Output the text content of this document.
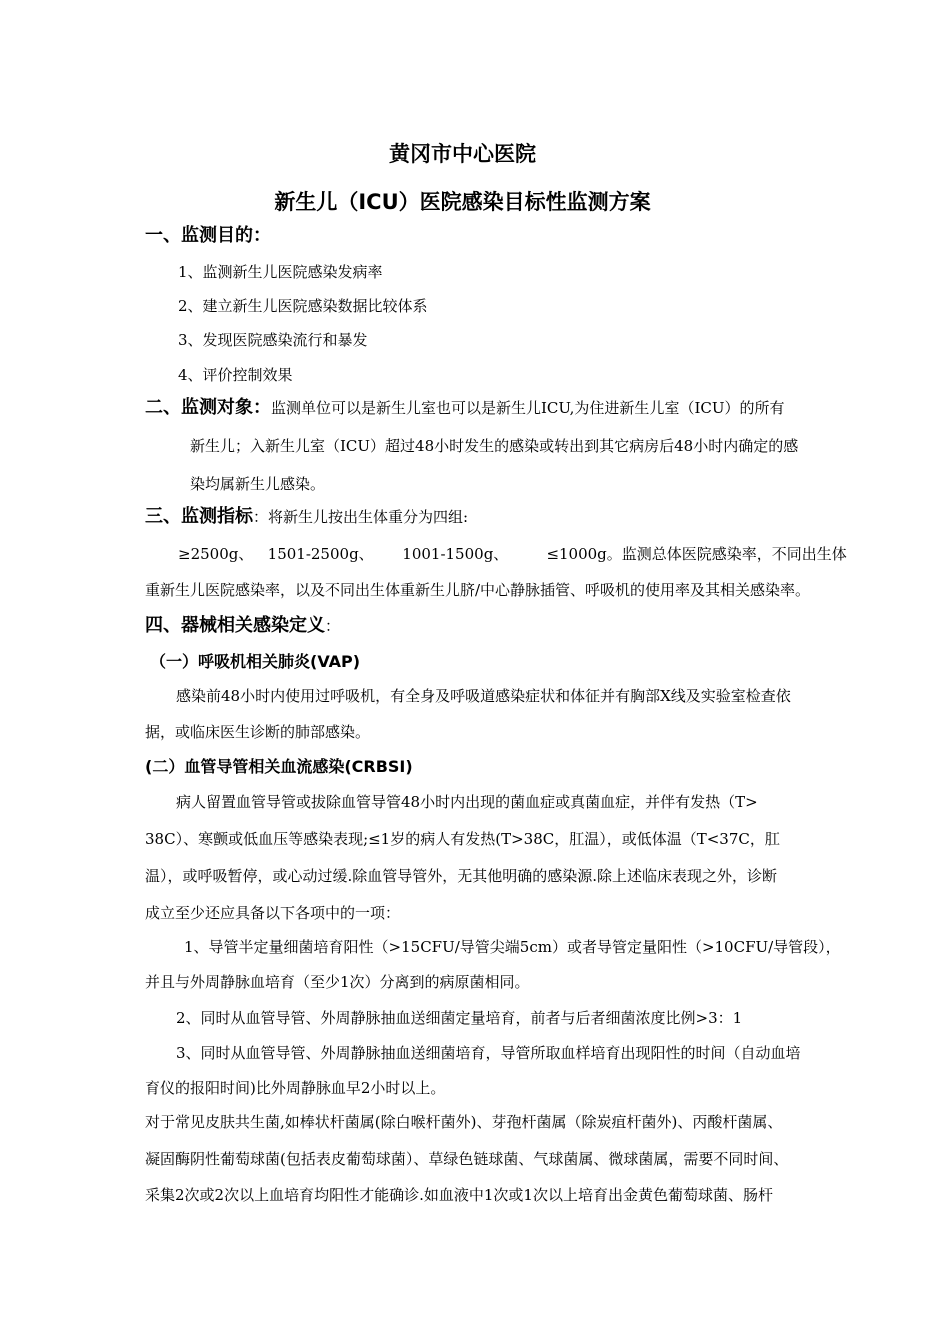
黄冈市中心医院
新生儿（ICU）医院感染目标性监测方案
一、监测目的：
1、监测新生儿医院感染发病率
2、建立新生儿医院感染数据比较体系
3、发现医院感染流行和暴发
4、评价控制效果
二、监测对象：监测单位可以是新生儿室也可以是新生儿ICU,为住进新生儿室（ICU）的所有
新生儿；入新生儿室（ICU）超过48小时发生的感染或转出到其它病房后48小时内确定的感
染均属新生儿感染。
三、监测指标：将新生儿按出生体重分为四组:
≥2500g、   1501-2500g、      1001-1500g、        ≤1000g。监测总体医院感染率，不同出生体
重新生儿医院感染率，以及不同出生体重新生儿脐/中心静脉插管、呼吸机的使用率及其相关感染率。
四、器械相关感染定义：
（一）呼吸机相关肺炎(VAP)
感染前48小时内使用过呼吸机，有全身及呼吸道感染症状和体征并有胸部X线及实验室检查依
据，或临床医生诊断的肺部感染。
(二）血管导管相关血流感染(CRBSI)
病人留置血管导管或拔除血管导管48小时内出现的菌血症或真菌血症，并伴有发热（T>
38C）、寒颤或低血压等感染表现;≤1岁的病人有发热(T>38C，肛温），或低体温（T<37C，肛
温），或呼吸暂停，或心动过缓.除血管导管外，无其他明确的感染源.除上述临床表现之外，诊断
成立至少还应具备以下各项中的一项：
1、导管半定量细菌培育阳性（>15CFU/导管尖端5cm）或者导管定量阳性（>10CFU/导管段），
并且与外周静脉血培育（至少1次）分离到的病原菌相同。
2、同时从血管导管、外周静脉抽血送细菌定量培育，前者与后者细菌浓度比例>3：1
3、同时从血管导管、外周静脉抽血送细菌培育，导管所取血样培育出现阳性的时间（自动血培
育仪的报阳时间)比外周静脉血早2小时以上。
对于常见皮肤共生菌,如棒状杆菌属(除白喉杆菌外)、芽孢杆菌属（除炭疽杆菌外)、丙酸杆菌属、
凝固酶阴性葡萄球菌(包括表皮葡萄球菌）、草绿色链球菌、气球菌属、微球菌属，需要不同时间、
采集2次或2次以上血培育均阳性才能确诊.如血液中1次或1次以上培育出金黄色葡萄球菌、肠杆
